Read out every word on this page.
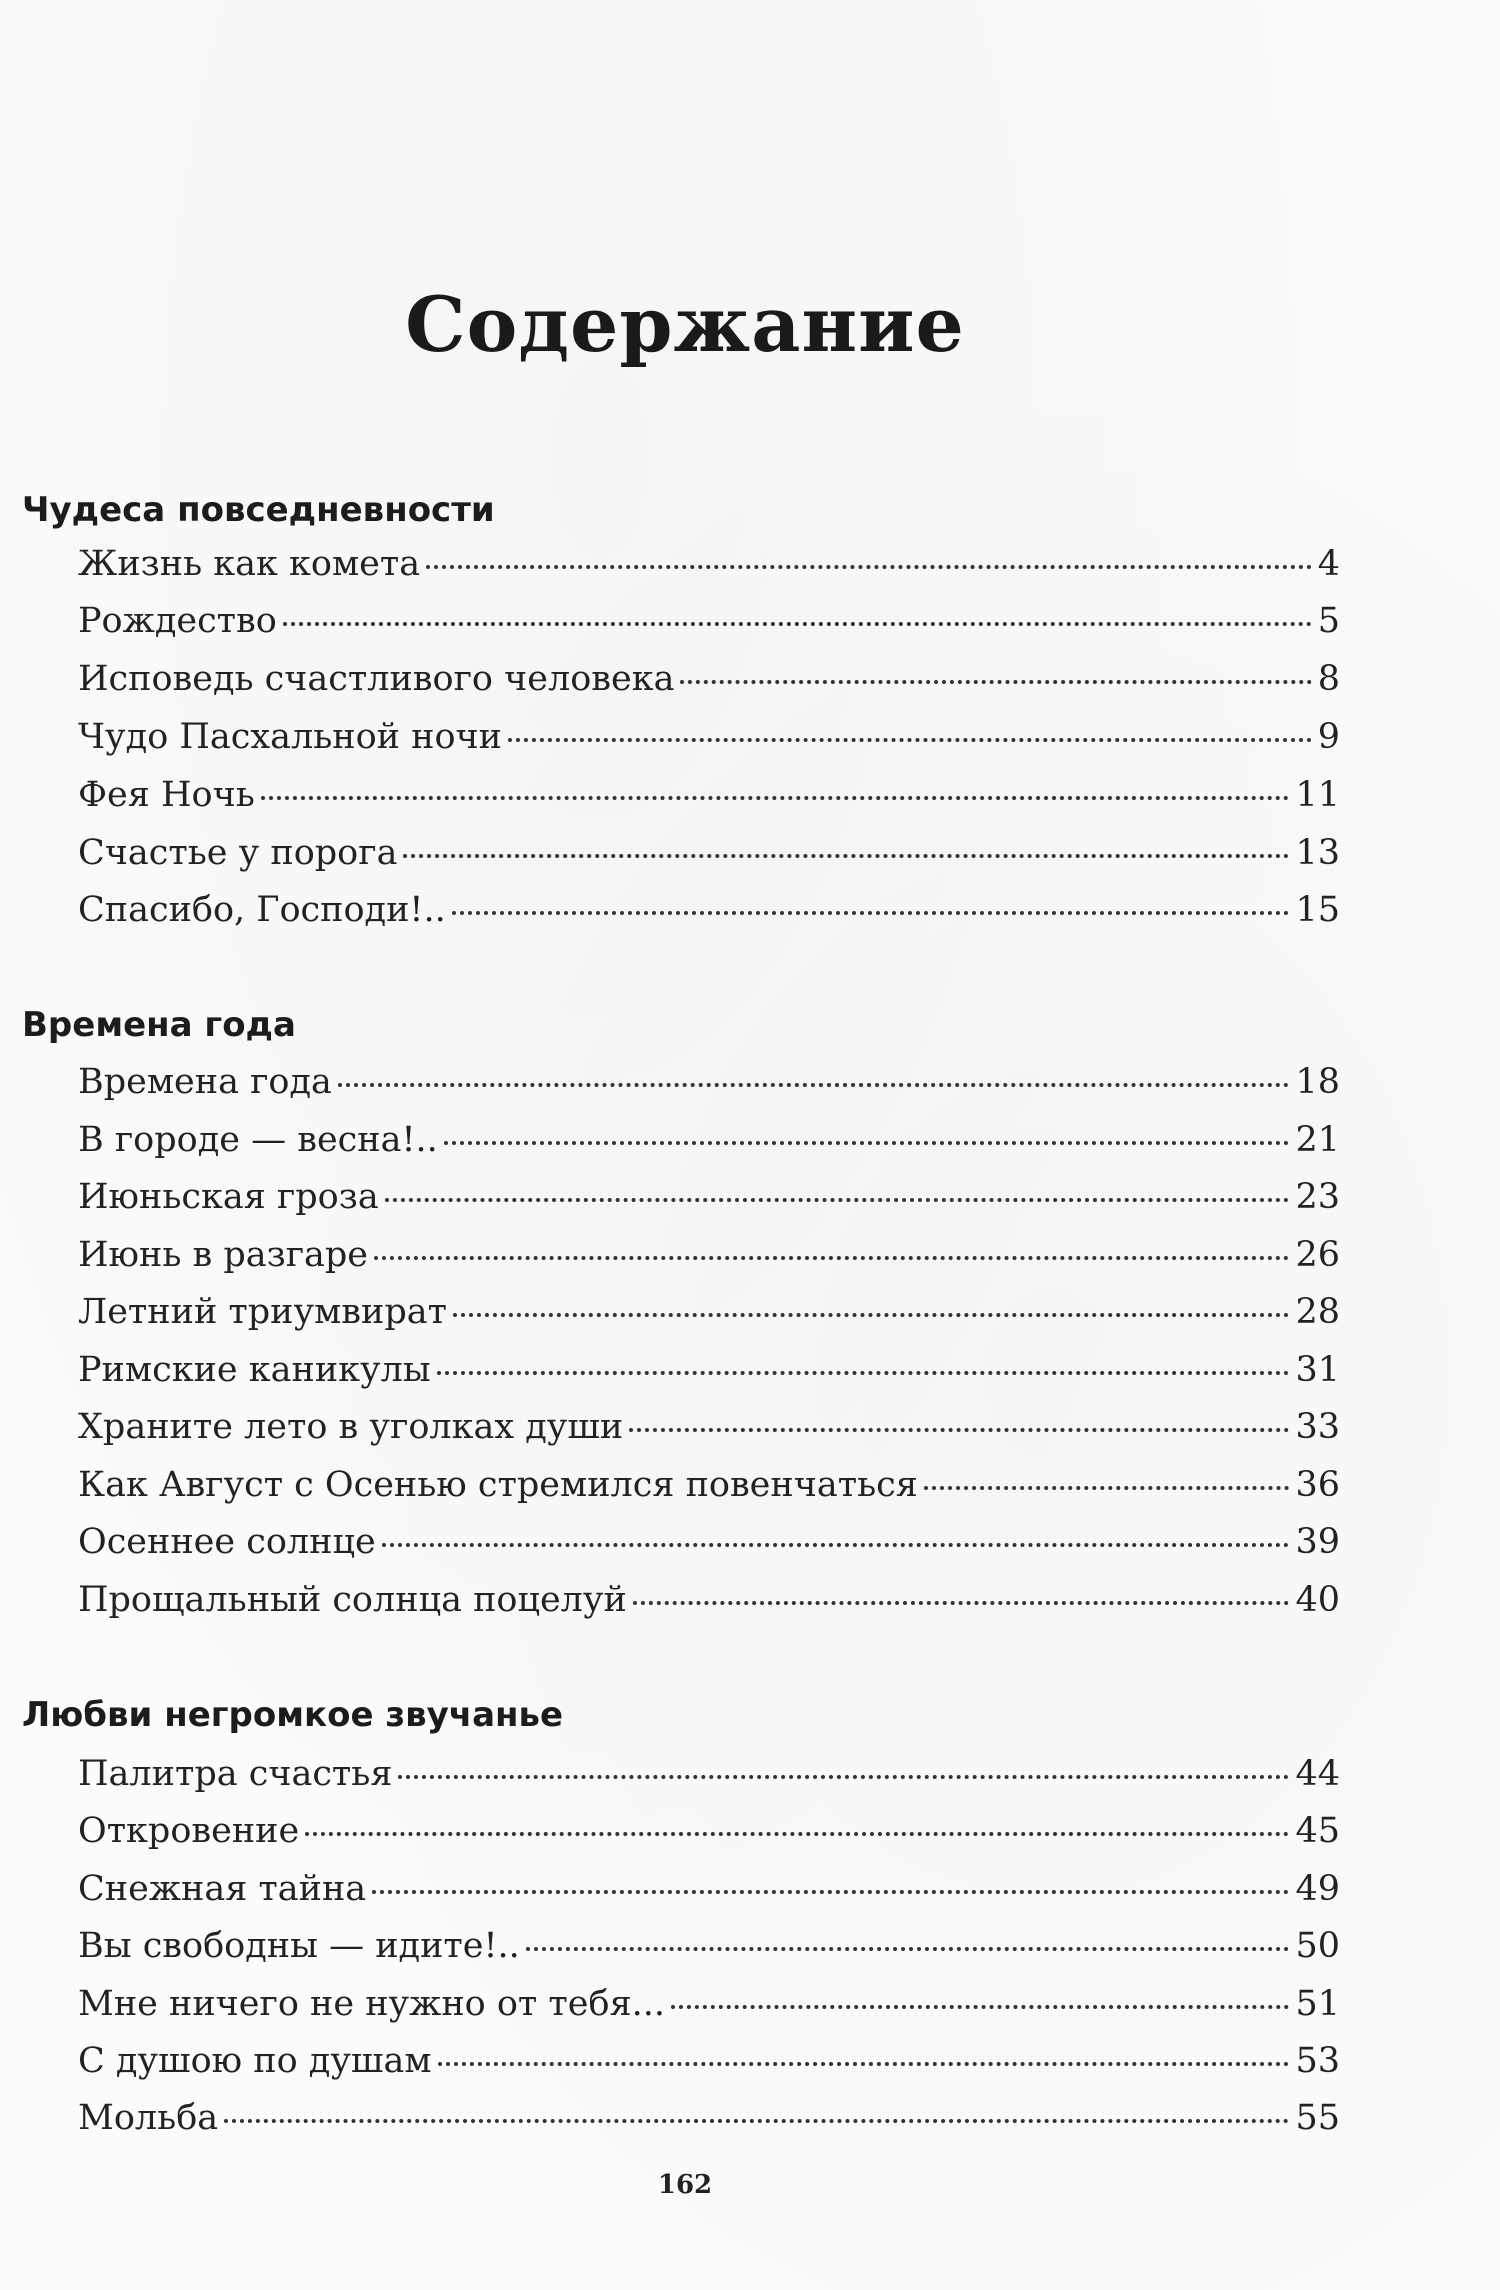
Содержание
Чудеса повседневности
Жизнь как комета	4
Рождество	5
Исповедь счастливого человека	8
Чудо Пасхальной ночи	9
Фея Ночь	11
Счастье у порога	13
Спасибо, Господи!..	15
Времена года
Времена года	18
В городе — весна!..	21
Июньская гроза	23
Июнь в разгаре	26
Летний триумвират	28
Римские каникулы	31
Храните лето в уголках души	33
Как Август с Осенью стремился повенчаться	36
Осеннее солнце	39
Прощальный солнца поцелуй	40
Любви негромкое звучанье
Палитра счастья	44
Откровение	45
Снежная тайна	49
Вы свободны — идите!..	50
Мне ничего не нужно от тебя...	51
С душою по душам	53
Мольба	55
162
